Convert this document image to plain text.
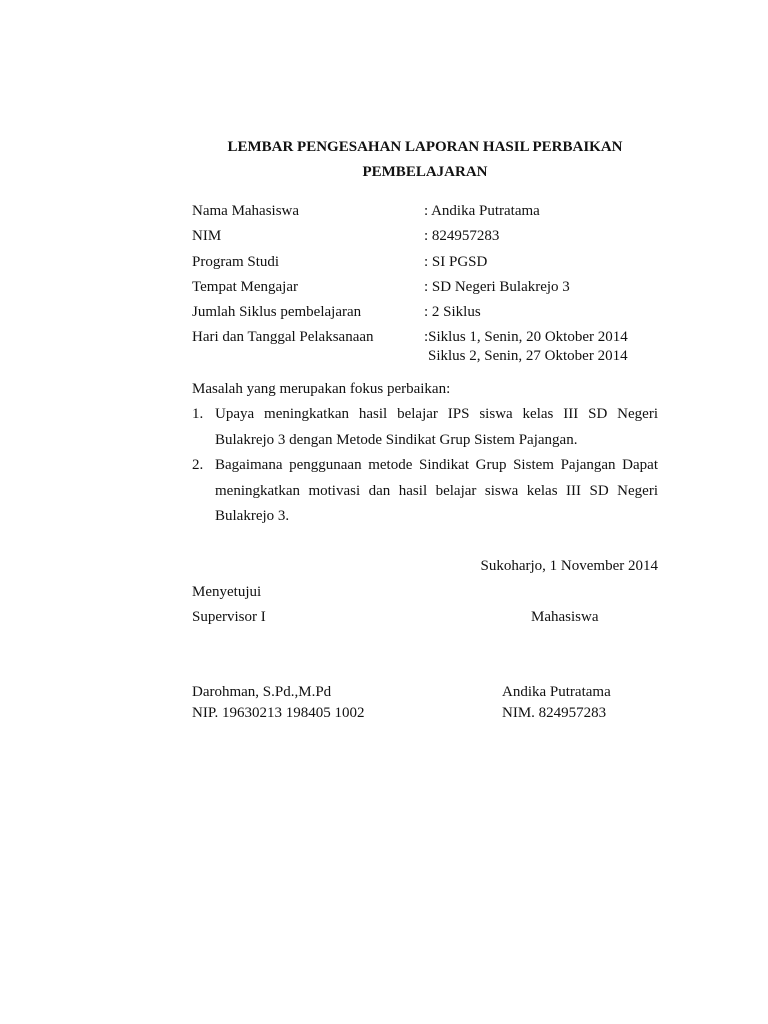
LEMBAR PENGESAHAN LAPORAN HASIL PERBAIKAN
PEMBELAJARAN
Nama Mahasiswa	: Andika Putratama
NIM	: 824957283
Program Studi	: SI PGSD
Tempat Mengajar	: SD Negeri Bulakrejo 3
Jumlah Siklus pembelajaran	: 2 Siklus
Hari dan Tanggal Pelaksanaan	:Siklus 1, Senin, 20 Oktober 2014
Siklus 2, Senin, 27 Oktober 2014
Masalah yang merupakan fokus perbaikan:
1. Upaya meningkatkan hasil belajar IPS siswa kelas III SD Negeri
Bulakrejo 3 dengan Metode Sindikat Grup Sistem Pajangan.
2. Bagaimana penggunaan metode Sindikat Grup Sistem Pajangan Dapat
meningkatkan motivasi dan hasil belajar siswa kelas III SD Negeri
Bulakrejo 3.
Sukoharjo, 1 November 2014
Menyetujui
Supervisor I	Mahasiswa
Darohman, S.Pd.,M.Pd	Andika Putratama
NIP. 19630213 198405 1002	NIM. 824957283
